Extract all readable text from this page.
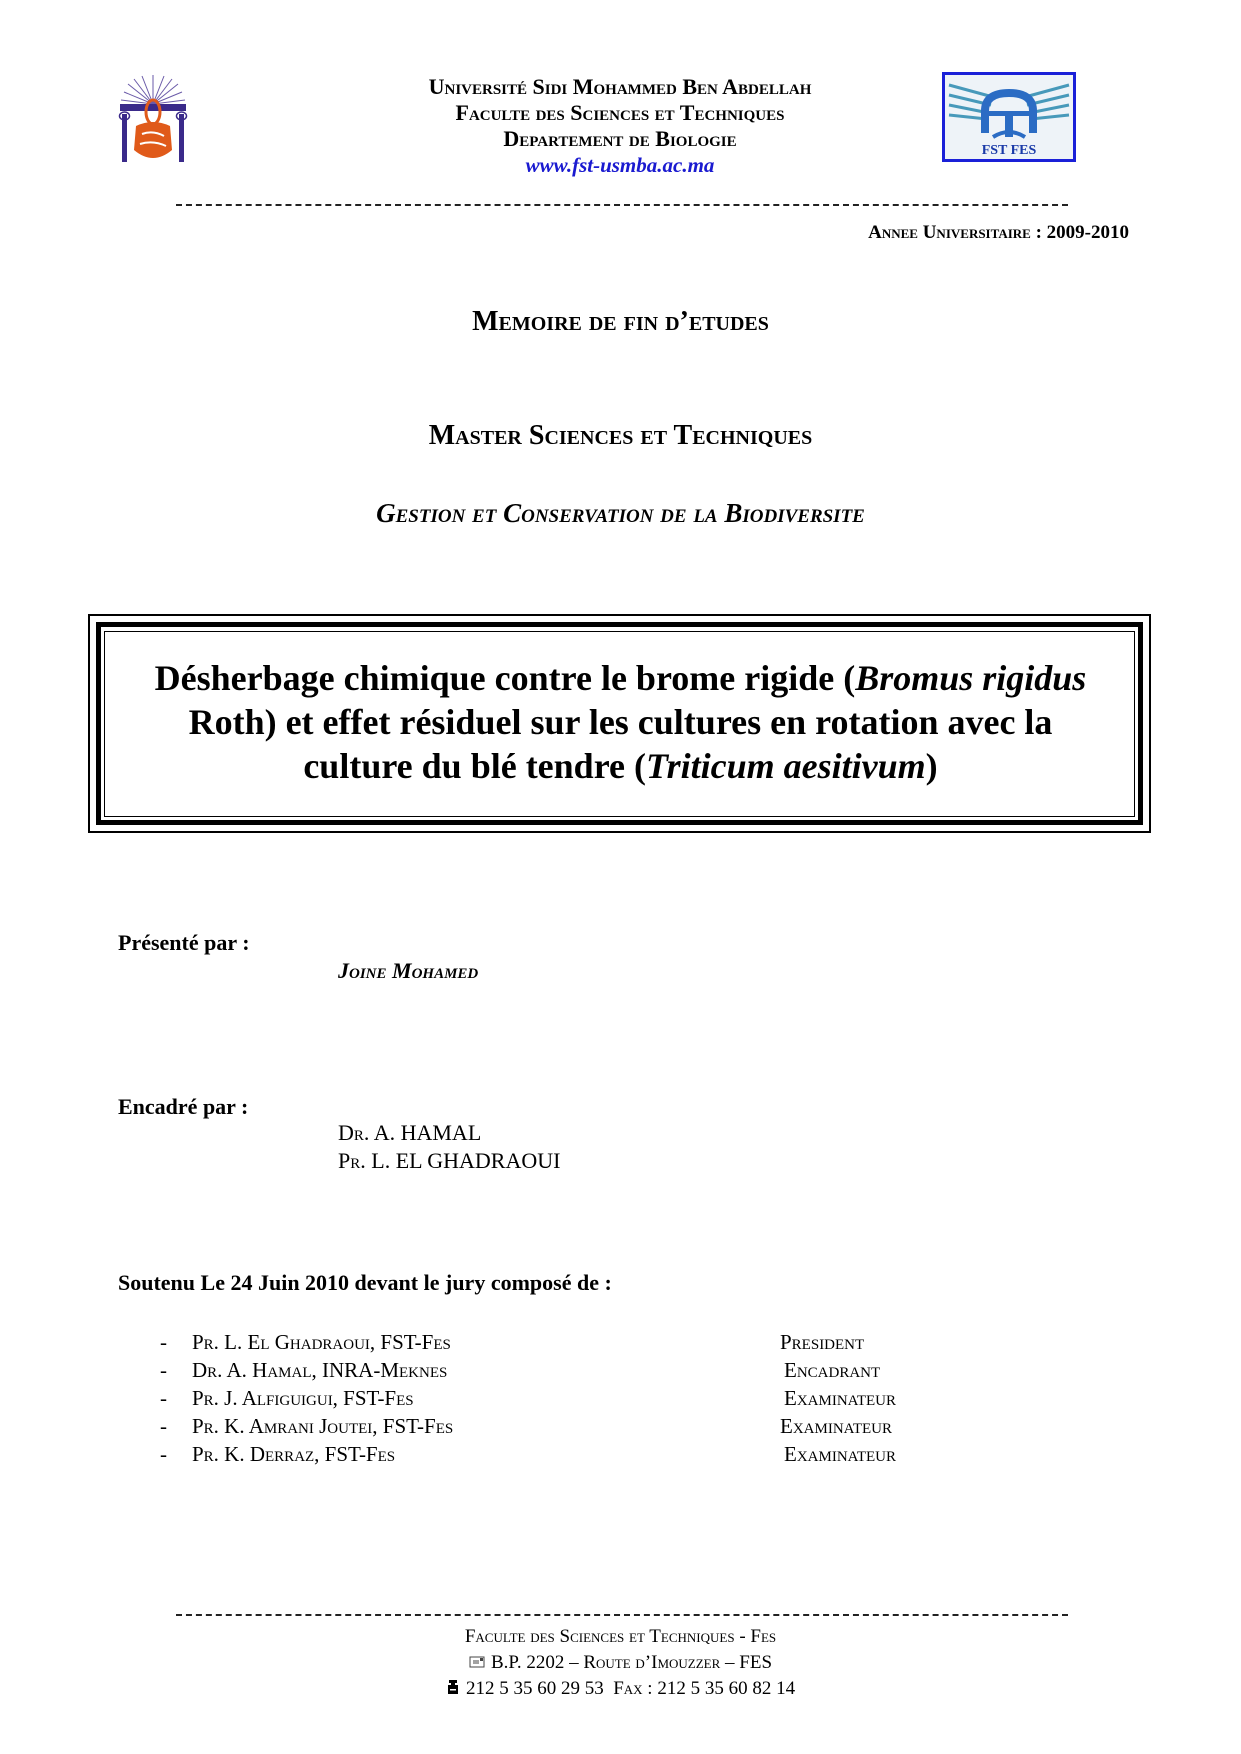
Université Sidi Mohammed Ben Abdellah
Faculte des Sciences et Techniques
Departement de Biologie
www.fst-usmba.ac.ma
FST FES
Annee Universitaire : 2009-2010
Memoire de fin d’etudes
Master Sciences et Techniques
Gestion et Conservation de la Biodiversite
Désherbage chimique contre le brome rigide (Bromus rigidus
Roth) et effet résiduel sur les cultures en rotation avec la
culture du blé tendre (Triticum aesitivum)
Présenté par :
Joine Mohamed
Encadré par :
Dr. A. HAMAL
Pr. L. EL GHADRAOUI
Soutenu Le 24 Juin 2010 devant le jury composé de :
- Pr. L. El Ghadraoui, FST-Fes	President
- Dr. A. Hamal, INRA-Meknes	Encadrant
- Pr. J. Alfiguigui, FST-Fes	Examinateur
- Pr. K. Amrani Joutei, FST-Fes	Examinateur
- Pr. K. Derraz, FST-Fes	Examinateur
Faculte des Sciences et Techniques - Fes
B.P. 2202 – Route d’Imouzzer – FES
212 5 35 60 29 53 Fax : 212 5 35 60 82 14
